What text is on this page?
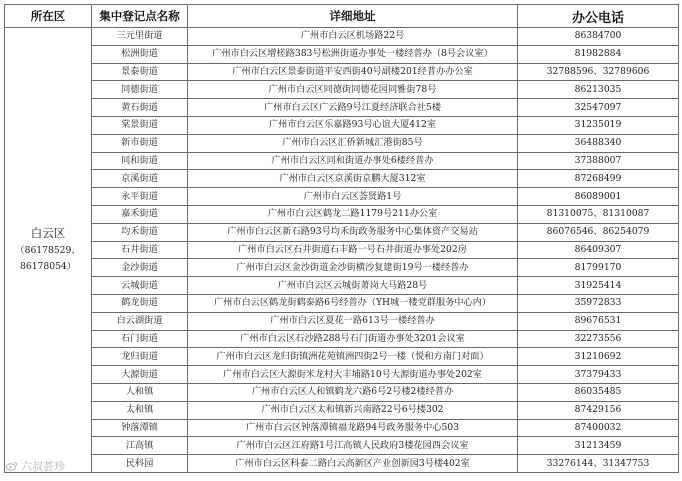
所在区	集中登记点名称	详细地址	办公电话

白云区
（86178529、
86178054）	三元里街道	广州市白云区机场路22号	86384700
	松洲街道	广州市白云区增槎路383号松洲街道办事处一楼经普办（8号会议室）	81982884
	景泰街道	广州市白云区景泰街道平安西街40号副楼201经普办办公室	32788596、32789606
	同德街道	广州市白云区同德街同德花园同雅街78号	86213035
	黄石街道	广州市白云区广云路9号江夏经济联合社5楼	32547097
	棠景街道	广州市白云区乐嘉路93号心谊大厦412室	31235019
	新市街道	广州市白云区汇侨新城汇港街85号	36488340
	同和街道	广州市白云区同和街道办事处6楼经普办	37388007
	京溪街道	广州市白云区京溪街京鹏大厦312室	87268499
	永平街道	广州市白云区荟贤路1号	86089001
	嘉禾街道	广州市白云区鹤龙二路1179号211办公室	81310075、81310087
	均禾街道	广州市白云区新石路93号均禾街政务服务中心集体资产交易站	86076546、86254079
	石井街道	广州市白云区石井街道石丰路一号石井街道办事处202房	86409307
	金沙街道	广州市白云区金沙街道金沙街横沙复建街19号一楼经普办	81799170
	云城街道	广州市白云区云城街萧岗大马路28号	31925414
	鹤龙街道	广州市白云区鹤龙街鹤泰路6号经普办（YH城一楼党群服务中心内）	35972833
	白云湖街道	广州市白云区夏花一路613号一楼经普办	89676531
	石门街道	广州市白云区石沙路288号石门街道办事处3201会议室	32273556
	龙归街道	广州市白云区龙归街镇洲花苑镇洲四街2号一楼（悦和方南门对面）	31210692
	大源街道	广州市白云区大源街米龙村大丰埔路10号大源街道办事处202室	37379433
	人和镇	广州市白云区人和镇鹤龙六路6号2号楼2楼经普办	86035485
	太和镇	广州市白云区太和镇新兴南路22号6号楼302	87429156
	钟落潭镇	广州市白云区钟落潭镇福龙路94号政务服务中心503	87400032
	江高镇	广州市白云区江府路1号江高镇人民政府3楼花园西会议室	31213459
	民科园	广州市白云区科泰二路白云高新区产业创新园3号楼402室	33276144、31347753
六叔荟珍
